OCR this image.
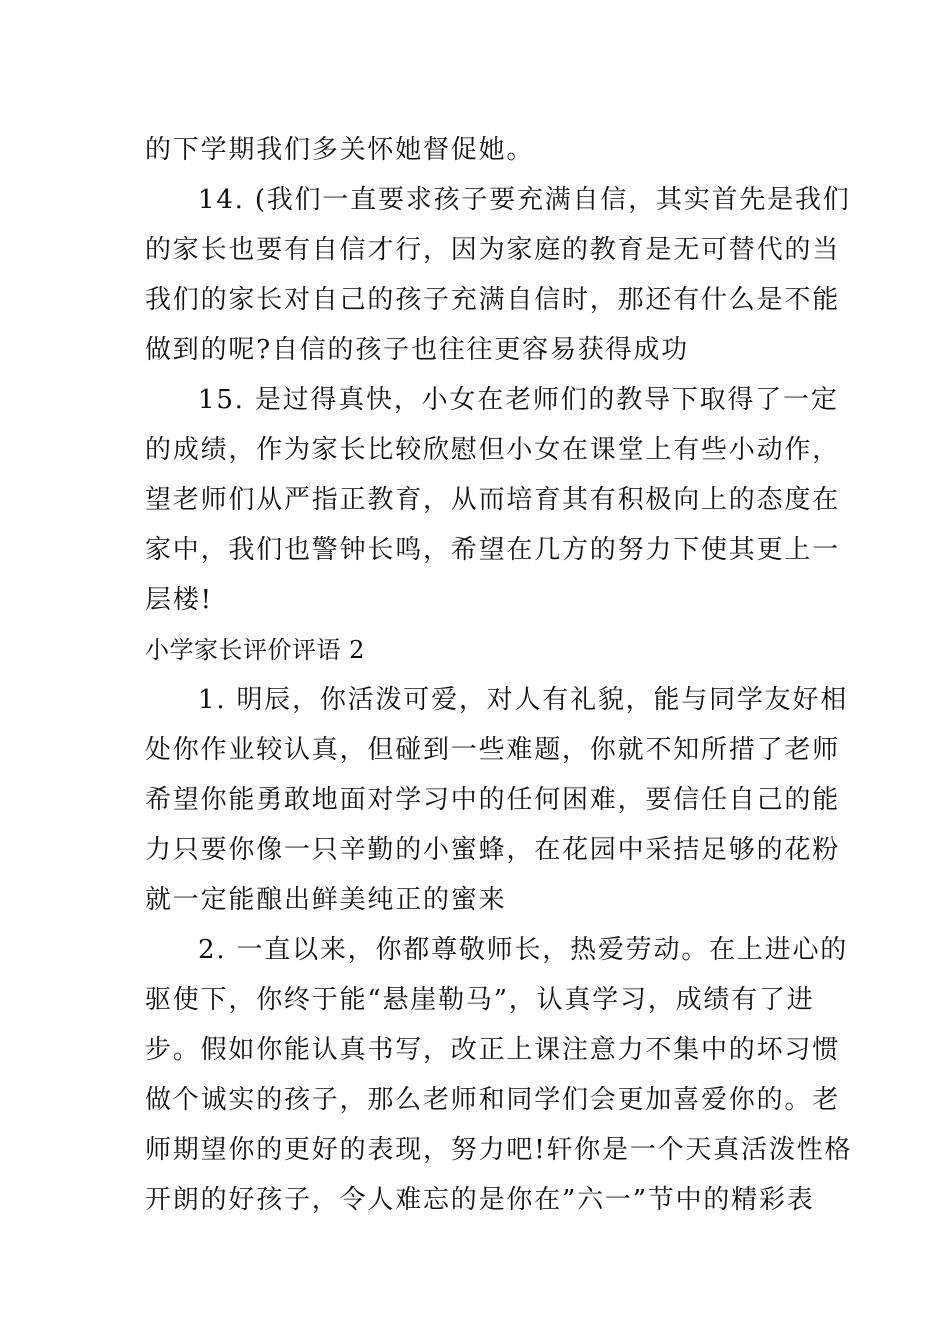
的下学期我们多关怀她督促她。
14. (我们一直要求孩子要充满自信，其实首先是我们
的家长也要有自信才行，因为家庭的教育是无可替代的当
我们的家长对自己的孩子充满自信时，那还有什么是不能
做到的呢?自信的孩子也往往更容易获得成功
15. 是过得真快，小女在老师们的教导下取得了一定
的成绩，作为家长比较欣慰但小女在课堂上有些小动作，
望老师们从严指正教育，从而培育其有积极向上的态度在
家中，我们也警钟长鸣，希望在几方的努力下使其更上一
层楼!
小学家长评价评语 2
1. 明辰，你活泼可爱，对人有礼貌，能与同学友好相
处你作业较认真，但碰到一些难题，你就不知所措了老师
希望你能勇敢地面对学习中的任何困难，要信任自己的能
力只要你像一只辛勤的小蜜蜂，在花园中采拮足够的花粉
就一定能酿出鲜美纯正的蜜来
2. 一直以来，你都尊敬师长，热爱劳动。在上进心的
驱使下，你终于能“悬崖勒马”，认真学习，成绩有了进
步。假如你能认真书写，改正上课注意力不集中的坏习惯
做个诚实的孩子，那么老师和同学们会更加喜爱你的。老
师期望你的更好的表现，努力吧!轩你是一个天真活泼性格
开朗的好孩子，令人难忘的是你在”六一”节中的精彩表
